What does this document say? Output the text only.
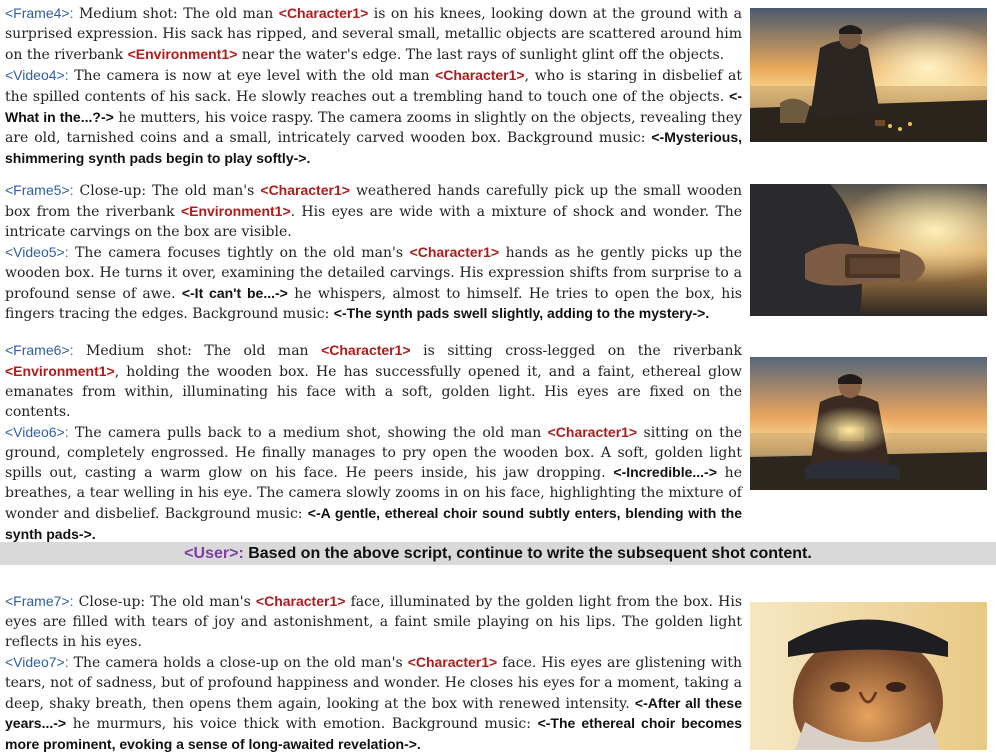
<Frame4>: Medium shot: The old man <Character1> is on his knees, looking down at the ground with a surprised expression. His sack has ripped, and several small, metallic objects are scattered around him on the riverbank <Environment1> near the water's edge. The last rays of sunlight glint off the objects.
<Video4>: The camera is now at eye level with the old man <Character1>, who is staring in disbelief at the spilled contents of his sack. He slowly reaches out a trembling hand to touch one of the objects. <-What in the...?-> he mutters, his voice raspy. The camera zooms in slightly on the objects, revealing they are old, tarnished coins and a small, intricately carved wooden box. Background music: <-Mysterious, shimmering synth pads begin to play softly->.
<Frame5>: Close-up: The old man's <Character1> weathered hands carefully pick up the small wooden box from the riverbank <Environment1>. His eyes are wide with a mixture of shock and wonder. The intricate carvings on the box are visible.
<Video5>: The camera focuses tightly on the old man's <Character1> hands as he gently picks up the wooden box. He turns it over, examining the detailed carvings. His expression shifts from surprise to a profound sense of awe. <-It can't be...-> he whispers, almost to himself. He tries to open the box, his fingers tracing the edges. Background music: <-The synth pads swell slightly, adding to the mystery->.
<Frame6>: Medium shot: The old man <Character1> is sitting cross-legged on the riverbank <Environment1>, holding the wooden box. He has successfully opened it, and a faint, ethereal glow emanates from within, illuminating his face with a soft, golden light. His eyes are fixed on the contents.
<Video6>: The camera pulls back to a medium shot, showing the old man <Character1> sitting on the ground, completely engrossed. He finally manages to pry open the wooden box. A soft, golden light spills out, casting a warm glow on his face. He peers inside, his jaw dropping. <-Incredible...-> he breathes, a tear welling in his eye. The camera slowly zooms in on his face, highlighting the mixture of wonder and disbelief. Background music: <-A gentle, ethereal choir sound subtly enters, blending with the synth pads->.
<User>: Based on the above script, continue to write the subsequent shot content.
<Frame7>: Close-up: The old man's <Character1> face, illuminated by the golden light from the box. His eyes are filled with tears of joy and astonishment, a faint smile playing on his lips. The golden light reflects in his eyes.
<Video7>: The camera holds a close-up on the old man's <Character1> face. His eyes are glistening with tears, not of sadness, but of profound happiness and wonder. He closes his eyes for a moment, taking a deep, shaky breath, then opens them again, looking at the box with renewed intensity. <-After all these years...-> he murmurs, his voice thick with emotion. Background music: <-The ethereal choir becomes more prominent, evoking a sense of long-awaited revelation->.
